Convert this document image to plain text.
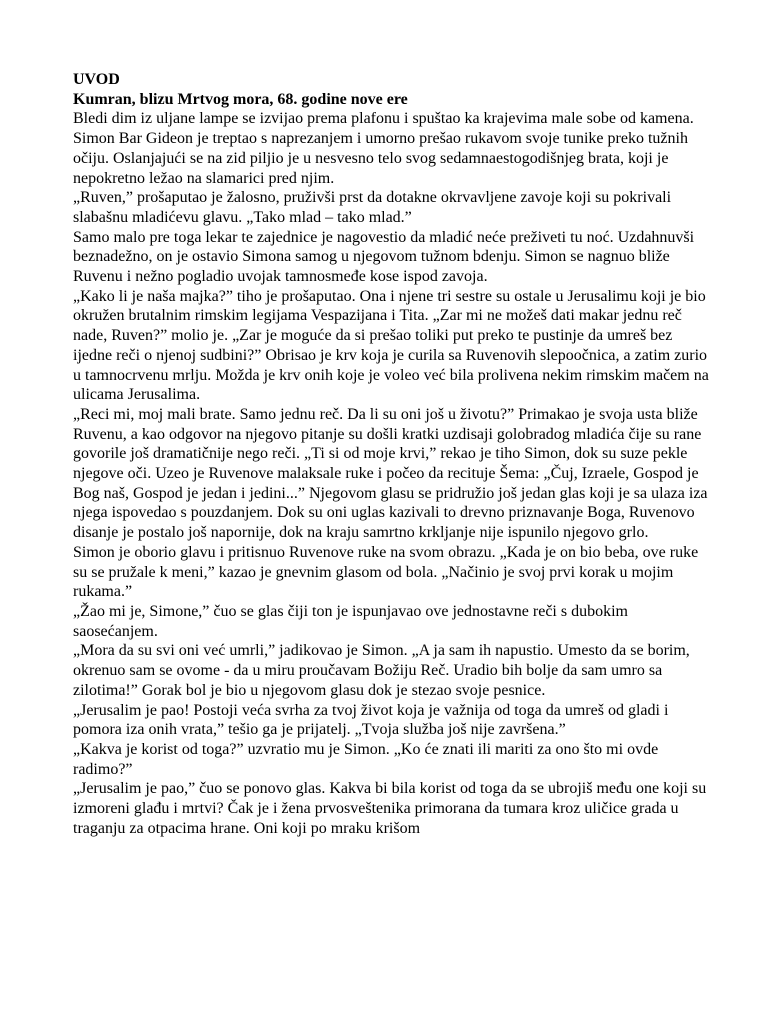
UVOD

Kumran, blizu Mrtvog mora, 68. godine nove ere

Bledi dim iz uljane lampe se izvijao prema plafonu i spuštao ka krajevima male sobe od kamena. Simon Bar Gideon je treptao s naprezanjem i umorno prešao rukavom svoje tunike preko tužnih očiju. Oslanjajući se na zid piljio je u nesvesno telo svog sedamnaestogodišnjeg brata, koji je nepokretno ležao na slamarici pred njim.

„Ruven,” prošaputao je žalosno, pruživši prst da dotakne okrvavljene zavoje koji su pokrivali slabašnu mladićevu glavu. „Tako mlad – tako mlad.”

Samo malo pre toga lekar te zajednice je nagovestio da mladić neće preživeti tu noć. Uzdahnuvši beznadežno, on je ostavio Simona samog u njegovom tužnom bdenju. Simon se nagnuo bliže Ruvenu i nežno pogladio uvojak tamnosmeđe kose ispod zavoja.

„Kako li je naša majka?” tiho je prošaputao. Ona i njene tri sestre su ostale u Jerusalimu koji je bio okružen brutalnim rimskim legijama Vespazijana i Tita. „Zar mi ne možeš dati makar jednu reč nade, Ruven?” molio je. „Zar je moguće da si prešao toliki put preko te pustinje da umreš bez ijedne reči o njenoj sudbini?” Obrisao je krv koja je curila sa Ruvenovih slepoočnica, a zatim zurio u tamnocrvenu mrlju. Možda je krv onih koje je voleo već bila prolivena nekim rimskim mačem na ulicama Jerusalima.

„Reci mi, moj mali brate. Samo jednu reč. Da li su oni još u životu?” Primakao je svoja usta bliže Ruvenu, a kao odgovor na njegovo pitanje su došli kratki uzdisaji golobradog mladića čije su rane govorile još dramatičnije nego reči. „Ti si od moje krvi,” rekao je tiho Simon, dok su suze pekle njegove oči. Uzeo je Ruvenove malaksale ruke i počeo da recituje Šema: „Čuj, Izraele, Gospod je Bog naš, Gospod je jedan i jedini...” Njegovom glasu se pridružio još jedan glas koji je sa ulaza iza njega ispovedao s pouzdanjem. Dok su oni uglas kazivali to drevno priznavanje Boga, Ruvenovo disanje je postalo još napornije, dok na kraju samrtno krkljanje nije ispunilo njegovo grlo.

Simon je oborio glavu i pritisnuo Ruvenove ruke na svom obrazu. „Kada je on bio beba, ove ruke su se pružale k meni,” kazao je gnevnim glasom od bola. „Načinio je svoj prvi korak u mojim rukama.”

„Žao mi je, Simone,” čuo se glas čiji ton je ispunjavao ove jednostavne reči s dubokim saosećanjem.

„Mora da su svi oni već umrli,” jadikovao je Simon. „A ja sam ih napustio. Umesto da se borim, okrenuo sam se ovome - da u miru proučavam Božiju Reč. Uradio bih bolje da sam umro sa zilotima!” Gorak bol je bio u njegovom glasu dok je stezao svoje pesnice.

„Jerusalim je pao! Postoji veća svrha za tvoj život koja je važnija od toga da umreš od gladi i pomora iza onih vrata,” tešio ga je prijatelj. „Tvoja služba još nije završena.”

„Kakva je korist od toga?” uzvratio mu je Simon. „Ko će znati ili mariti za ono što mi ovde radimo?”

„Jerusalim je pao,” čuo se ponovo glas. Kakva bi bila korist od toga da se ubrojiš među one koji su izmoreni glađu i mrtvi? Čak je i žena prvosveštenika primorana da tumara kroz uličice grada u traganju za otpacima hrane. Oni koji po mraku krišom
